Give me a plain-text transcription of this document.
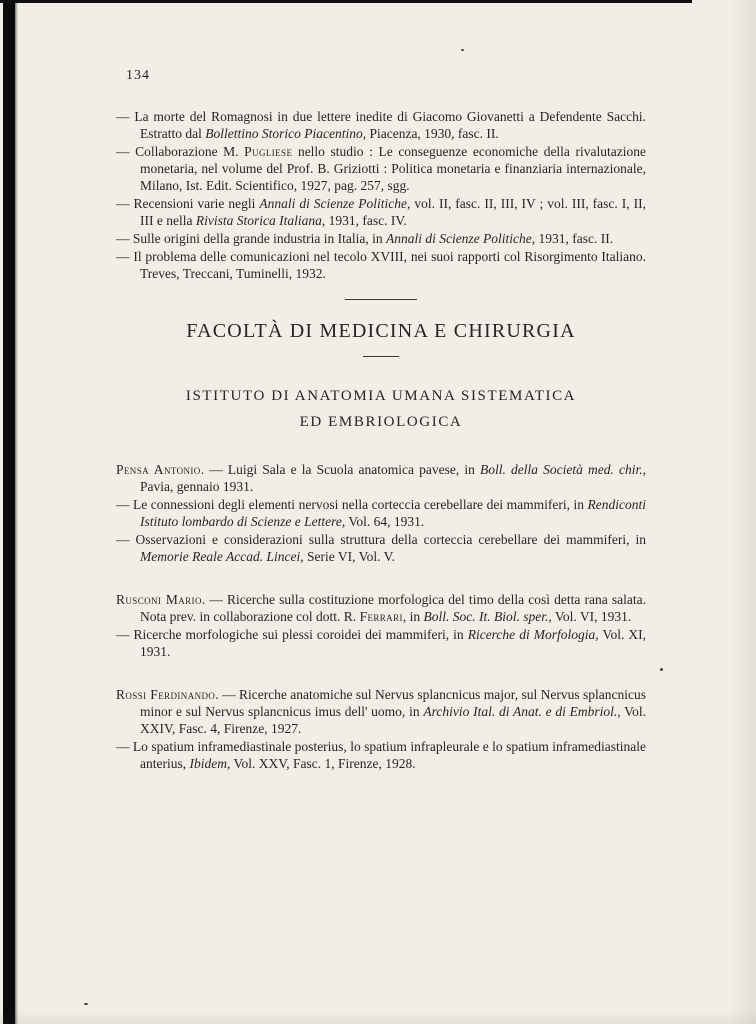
134

— La morte del Romagnosi in due lettere inedite di Giacomo Giovanetti a Defendente Sacchi. Estratto dal Bollettino Storico Piacentino, Piacenza, 1930, fasc. II.

— Collaborazione M. Pugliese nello studio : Le conseguenze economiche della rivalutazione monetaria, nel volume del Prof. B. Griziotti : Politica monetaria e finanziaria internazionale, Milano, Ist. Edit. Scientifico, 1927, pag. 257, sgg.

— Recensioni varie negli Annali di Scienze Politiche, vol. II, fasc. II, III, IV ; vol. III, fasc. I, II, III e nella Rivista Storica Italiana, 1931, fasc. IV.

— Sulle origini della grande industria in Italia, in Annali di Scienze Politiche, 1931, fasc. II.

— Il problema delle comunicazioni nel tecolo XVIII, nei suoi rapporti col Risorgimento Italiano. Treves, Treccani, Tuminelli, 1932.

FACOLTÀ DI MEDICINA E CHIRURGIA
ISTITUTO DI ANATOMIA UMANA SISTEMATICA
ED EMBRIOLOGICA

Pensa Antonio. — Luigi Sala e la Scuola anatomica pavese, in Boll. della Società med. chir., Pavia, gennaio 1931.

— Le connessioni degli elementi nervosi nella corteccia cerebellare dei mammiferi, in Rendiconti Istituto lombardo di Scienze e Lettere, Vol. 64, 1931.

— Osservazioni e considerazioni sulla struttura della corteccia cerebellare dei mammiferi, in Memorie Reale Accad. Lincei, Serie VI, Vol. V.

Rusconi Mario. — Ricerche sulla costituzione morfologica del timo della così detta rana salata. Nota prev. in collaborazione col dott. R. Ferrari, in Boll. Soc. It. Biol. sper., Vol. VI, 1931.

— Ricerche morfologiche sui plessi coroidei dei mammiferi, in Ricerche di Morfologia, Vol. XI, 1931.

Rossi Ferdinando. — Ricerche anatomiche sul Nervus splancnicus major, sul Nervus splancnicus minor e sul Nervus splancnicus imus dell' uomo, in Archivio Ital. di Anat. e di Embriol., Vol. XXIV, Fasc. 4, Firenze, 1927.

— Lo spatium inframediastinale posterius, lo spatium infrapleurale e lo spatium inframediastinale anterius, Ibidem, Vol. XXV, Fasc. 1, Firenze, 1928.
